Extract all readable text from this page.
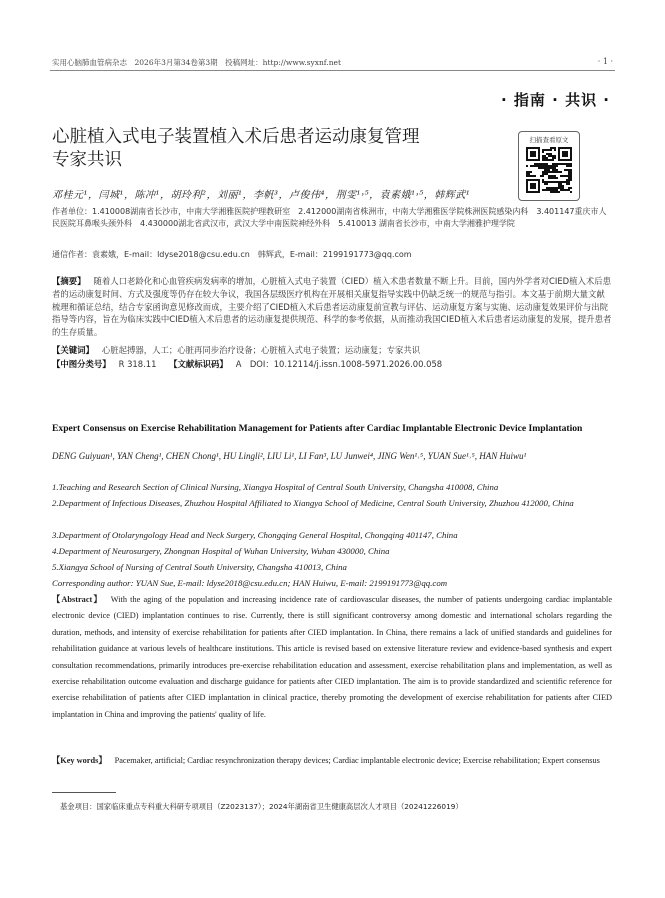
实用心脑肺血管病杂志　2026年3月第34卷第3期　投稿网址：http://www.syxnf.net	· 1 ·
· 指南 · 共识 ·
心脏植入式电子装置植入术后患者运动康复管理
专家共识
扫描查看原文
邓桂元¹，闫城¹，陈冲¹，胡玲利²，刘丽¹，李帆³，卢俊伟⁴，荆雯¹˒⁵，袁素娥¹˒⁵，韩辉武¹
作者单位：1.410008湖南省长沙市，中南大学湘雅医院护理教研室　2.412000湖南省株洲市，中南大学湘雅医学院株洲医院感染内科　3.401147重庆市人民医院耳鼻喉头颈外科　4.430000湖北省武汉市，武汉大学中南医院神经外科　5.410013 湖南省长沙市，中南大学湘雅护理学院
通信作者：袁素娥，E-mail：ldyse2018@csu.edu.cn　韩辉武，E-mail：2199191773@qq.com
【摘要】 随着人口老龄化和心血管疾病发病率的增加，心脏植入式电子装置（CIED）植入术患者数量不断上升。目前，国内外学者对CIED植入术后患者的运动康复时间、方式及强度等仍存在较大争议，我国各层级医疗机构在开展相关康复指导实践中仍缺乏统一的规范与指引。本文基于前期大量文献梳理和循证总结，结合专家函询意见修改而成，主要介绍了CIED植入术后患者运动康复前宣教与评估、运动康复方案与实施、运动康复效果评价与出院指导等内容，旨在为临床实践中CIED植入术后患者的运动康复提供规范、科学的参考依据，从而推动我国CIED植入术后患者运动康复的发展，提升患者的生存质量。
【关键词】 心脏起搏器，人工；心脏再同步治疗设备；心脏植入式电子装置；运动康复；专家共识
【中图分类号】 R 318.11 【文献标识码】 A　DOI：10.12114/j.issn.1008-5971.2026.00.058
Expert Consensus on Exercise Rehabilitation Management for Patients after Cardiac Implantable Electronic Device Implantation
DENG Guiyuan¹, YAN Cheng¹, CHEN Chong¹, HU Lingli², LIU Li¹, LI Fan³, LU Junwei⁴, JING Wen¹˒⁵, YUAN Sue¹˒⁵, HAN Huiwu¹
1.Teaching and Research Section of Clinical Nursing, Xiangya Hospital of Central South University, Changsha 410008, China
2.Department of Infectious Diseases, Zhuzhou Hospital Affiliated to Xiangya School of Medicine, Central South University, Zhuzhou 412000, China
3.Department of Otolaryngology Head and Neck Surgery, Chongqing General Hospital, Chongqing 401147, China
4.Department of Neurosurgery, Zhongnan Hospital of Wuhan University, Wuhan 430000, China
5.Xiangya School of Nursing of Central South University, Changsha 410013, China
Corresponding author: YUAN Sue, E-mail: ldyse2018@csu.edu.cn; HAN Huiwu, E-mail: 2199191773@qq.com
【Abstract】 With the aging of the population and increasing incidence rate of cardiovascular diseases, the number of patients undergoing cardiac implantable electronic device (CIED) implantation continues to rise. Currently, there is still significant controversy among domestic and international scholars regarding the duration, methods, and intensity of exercise rehabilitation for patients after CIED implantation. In China, there remains a lack of unified standards and guidelines for rehabilitation guidance at various levels of healthcare institutions. This article is revised based on extensive literature review and evidence-based synthesis and expert consultation recommendations, primarily introduces pre-exercise rehabilitation education and assessment, exercise rehabilitation plans and implementation, as well as exercise rehabilitation outcome evaluation and discharge guidance for patients after CIED implantation. The aim is to provide standardized and scientific reference for exercise rehabilitation of patients after CIED implantation in clinical practice, thereby promoting the development of exercise rehabilitation for patients after CIED implantation in China and improving the patients' quality of life.
【Key words】 Pacemaker, artificial; Cardiac resynchronization therapy devices; Cardiac implantable electronic device; Exercise rehabilitation; Expert consensus
基金项目：国家临床重点专科重大科研专项项目（Z2023137）；2024年湖南省卫生健康高层次人才项目（20241226019）
